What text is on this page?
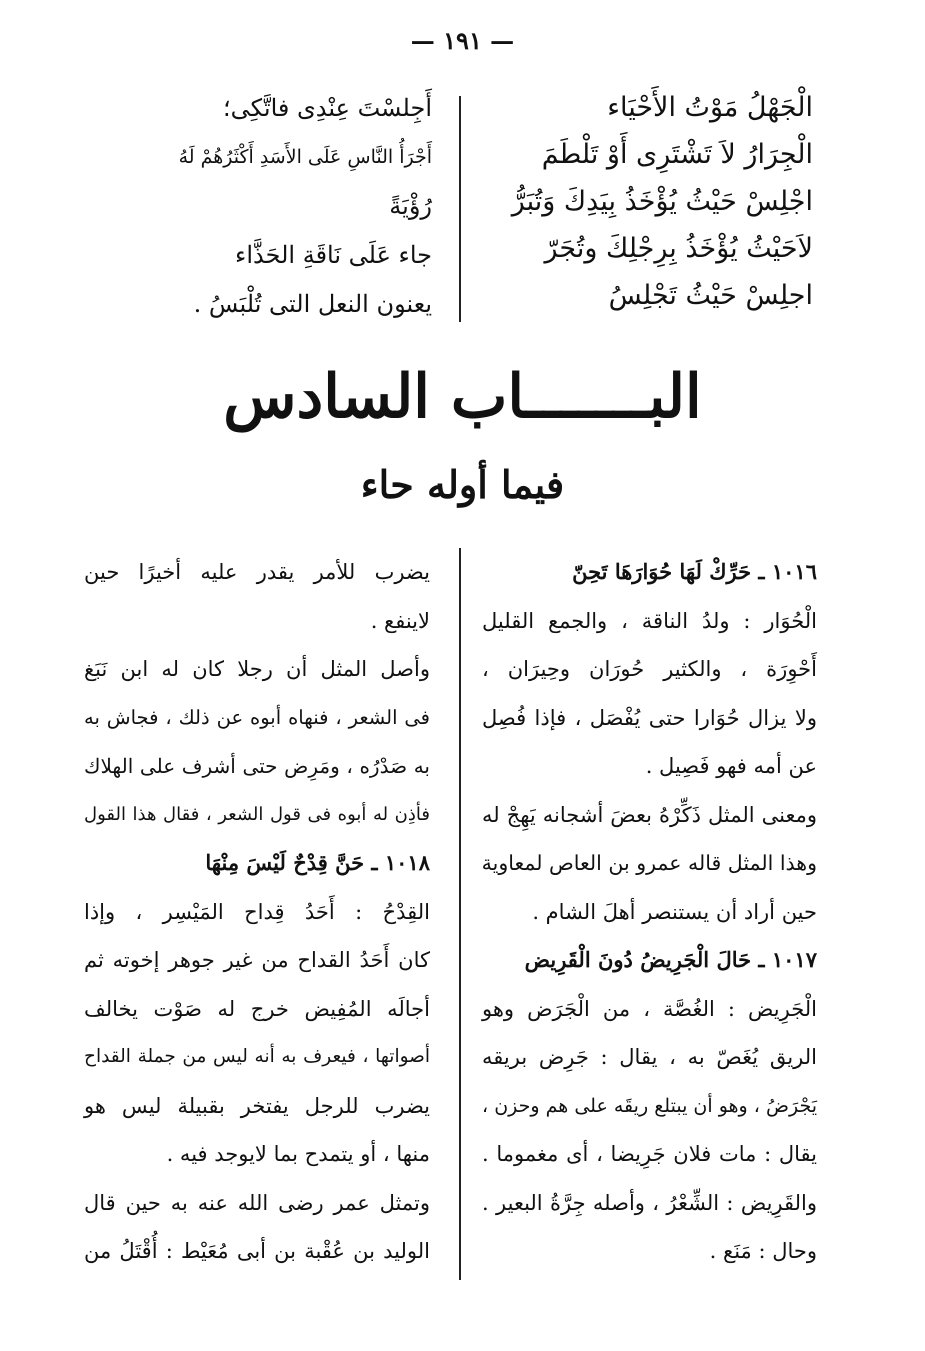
— ١٩١ —
الْجَهْلُ مَوْتُ الأَحْيَاء
الْجِرَارُ لاَ تَشْتَرِى أَوْ تَلْطَمَ
اجْلِسْ حَيْثُ يُؤْخَذُ بِيَدِكَ وَتُبَرُّ
لاَحَيْثُ يُؤْخَذُ بِرِجْلِكَ وتُجَرّ
اجلِسْ حَيْثُ تَجْلِسُ
أَجِلسْتَ عِنْدِى فاتَّكِى؛
أَجْرَأُ النَّاسِ عَلَى الأَسَدِ أَكْثَرُهُمْ لَهُ
رُؤْيَةً
جاء عَلَى نَاقَةِ الحَذَّاء
يعنون النعل التى تُلْبَسُ .
البـــــــاب السادس
فيما أوله حاء
١٠١٦ ـ حَرِّكْ لَهَا حُوَارَهَا تَحِنّ
الْحُوَار : ولدُ الناقة ، والجمع القليل
أَحْوِرَة ، والكثير حُورَان وحِيرَان ،
ولا يزال حُوَارا حتى يُفْصَل ، فإذا فُصِل
عن أمه فهو فَصِيل .
ومعنى المثل ذَكِّرْهُ بعضَ أشجانه يَهِجْ له
وهذا المثل قاله عمرو بن العاص لمعاوية
حين أراد أن يستنصر أهلَ الشام .
١٠١٧ ـ حَالَ الْجَرِيضُ دُونَ الْقَرِيض
الْجَرِيض : الغُصَّة ، من الْجَرَض وهو
الريق يُغَصّ به ، يقال : جَرِض بريقه
يَجْرَضُ ، وهو أن يبتلع ريقَه على هم وحزن ،
يقال : مات فلان جَرِيضا ، أى مغموما .
والقَرِيض : الشِّعْرُ ، وأصله جِرَّةُ البعير .
وحال : مَنَع .
يضرب للأمر يقدر عليه أخيرًا حين
لاينفع .
وأصل المثل أن رجلا كان له ابن نَبَغ
فى الشعر ، فنهاه أبوه عن ذلك ، فجاش به
به صَدْرُه ، ومَرِض حتى أشرف على الهلاك
فأذِن له أبوه فى قول الشعر ، فقال هذا القول
١٠١٨ ـ حَنَّ قِدْحٌ لَيْسَ مِنْهَا
القِدْحُ : أَحَدُ قِداح المَيْسِر ، وإذا
كان أَحَدُ القداح من غير جوهر إخوته ثم
أجالَه المُفِيض خرج له صَوْت يخالف
أصواتها ، فيعرف به أنه ليس من جملة القداح
يضرب للرجل يفتخر بقبيلة ليس هو
منها ، أو يتمدح بما لايوجد فيه .
وتمثل عمر رضى الله عنه به حين قال
الوليد بن عُقْبة بن أبى مُعَيْط : أُقْتَلُ من
